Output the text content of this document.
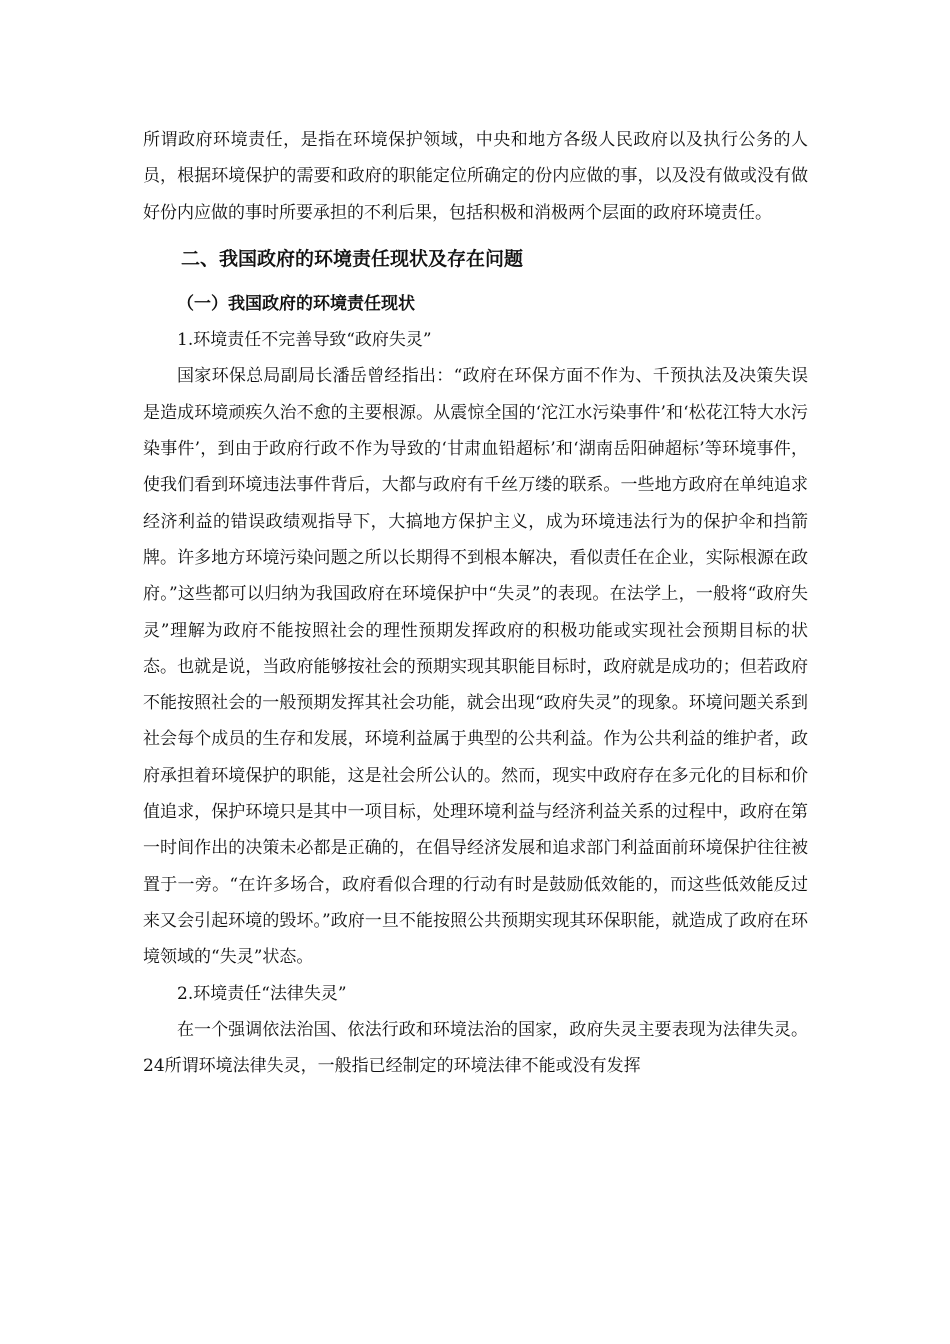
所谓政府环境责任，是指在环境保护领域，中央和地方各级人民政府以及执行公务的人员，根据环境保护的需要和政府的职能定位所确定的份内应做的事，以及没有做或没有做好份内应做的事时所要承担的不利后果，包括积极和消极两个层面的政府环境责任。

二、我国政府的环境责任现状及存在问题
（一）我国政府的环境责任现状

1.环境责任不完善导致“政府失灵”

国家环保总局副局长潘岳曾经指出：“政府在环保方面不作为、千预执法及决策失误是造成环境顽疾久治不愈的主要根源。从震惊全国的‘沱江水污染事件’和‘松花江特大水污染事件’，到由于政府行政不作为导致的‘甘肃血铅超标’和‘湖南岳阳砷超标’等环境事件，使我们看到环境违法事件背后，大都与政府有千丝万缕的联系。一些地方政府在单纯追求经济利益的错误政绩观指导下，大搞地方保护主义，成为环境违法行为的保护伞和挡箭牌。许多地方环境污染问题之所以长期得不到根本解决，看似责任在企业，实际根源在政府。”这些都可以归纳为我国政府在环境保护中“失灵”的表现。在法学上，一般将“政府失灵”理解为政府不能按照社会的理性预期发挥政府的积极功能或实现社会预期目标的状态。也就是说，当政府能够按社会的预期实现其职能目标时，政府就是成功的；但若政府不能按照社会的一般预期发挥其社会功能，就会出现“政府失灵”的现象。环境问题关系到社会每个成员的生存和发展，环境利益属于典型的公共利益。作为公共利益的维护者，政府承担着环境保护的职能，这是社会所公认的。然而，现实中政府存在多元化的目标和价值追求，保护环境只是其中一项目标，处理环境利益与经济利益关系的过程中，政府在第一时间作出的决策未必都是正确的，在倡导经济发展和追求部门利益面前环境保护往往被置于一旁。“在许多场合，政府看似合理的行动有时是鼓励低效能的，而这些低效能反过来又会引起环境的毁坏。”政府一旦不能按照公共预期实现其环保职能，就造成了政府在环境领域的“失灵”状态。

2.环境责任“法律失灵”

在一个强调依法治国、依法行政和环境法治的国家，政府失灵主要表现为法律失灵。24所谓环境法律失灵，一般指已经制定的环境法律不能或没有发挥
